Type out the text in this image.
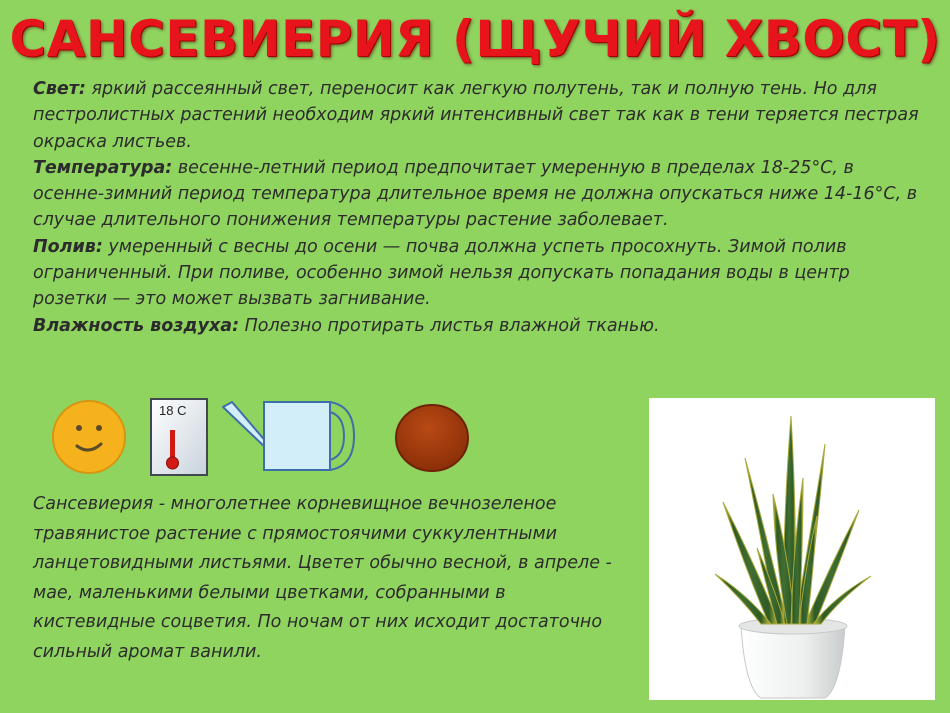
САНСЕВИЕРИЯ (ЩУЧИЙ ХВОСТ)

Свет: яркий рассеянный свет, переносит как легкую полутень, так и полную тень. Но для пестролистных растений необходим яркий интенсивный свет так как в тени теряется пестрая окраска листьев.

Температура: весенне-летний период предпочитает умеренную в пределах 18-25°С, в осенне-зимний период температура длительное время не должна опускаться ниже 14-16°С, в случае длительного понижения температуры растение заболевает.

Полив: умеренный с весны до осени — почва должна успеть просохнуть. Зимой полив ограниченный. При поливе, особенно зимой нельзя допускать попадания воды в центр розетки — это может вызвать загнивание.

Влажность воздуха: Полезно протирать листья влажной тканью.

18 С
Сансевиерия - многолетнее корневищное вечнозеленое травянистое растение с прямостоячими суккулентными ланцетовидными листьями. Цветет обычно весной, в апреле - мае, маленькими белыми цветками, собранными в кистевидные соцветия. По ночам от них исходит достаточно сильный аромат ванили.
